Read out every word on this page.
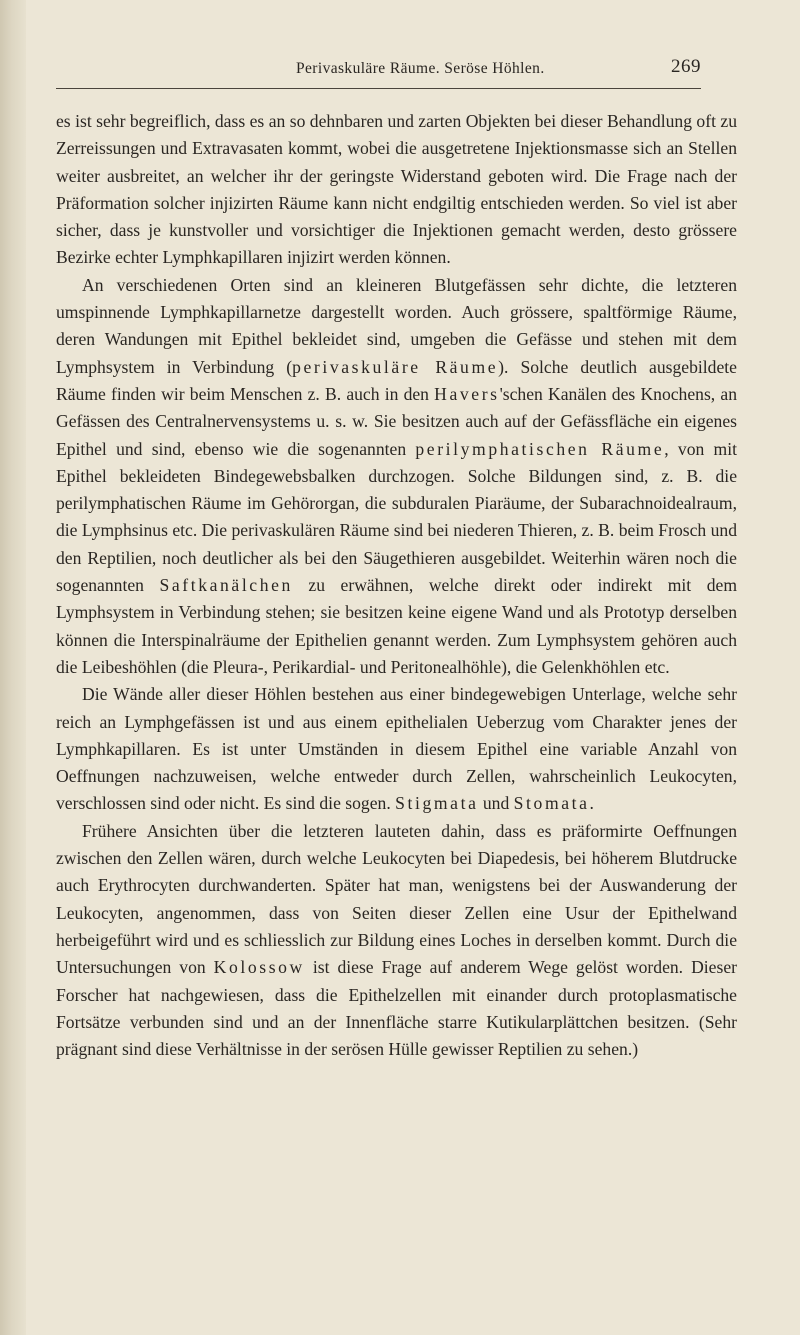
Perivaskuläre Räume. Seröse Höhlen.	269

es ist sehr begreiflich, dass es an so dehnbaren und zarten Objekten bei dieser Behandlung oft zu Zerreissungen und Extravasaten kommt, wobei die ausgetretene Injektionsmasse sich an Stellen weiter ausbreitet, an welcher ihr der geringste Widerstand geboten wird. Die Frage nach der Präformation solcher injizirten Räume kann nicht endgiltig entschieden werden. So viel ist aber sicher, dass je kunstvoller und vorsichtiger die Injektionen gemacht werden, desto grössere Bezirke echter Lymphkapillaren injizirt werden können.

An verschiedenen Orten sind an kleineren Blutgefässen sehr dichte, die letzteren umspinnende Lymphkapillarnetze dargestellt worden. Auch grössere, spaltförmige Räume, deren Wandungen mit Epithel bekleidet sind, umgeben die Gefässe und stehen mit dem Lymphsystem in Verbindung (perivaskuläre Räume). Solche deutlich ausgebildete Räume finden wir beim Menschen z. B. auch in den Havers'schen Kanälen des Knochens, an Gefässen des Centralnervensystems u. s. w. Sie besitzen auch auf der Gefässfläche ein eigenes Epithel und sind, ebenso wie die sogenannten perilymphatischen Räume, von mit Epithel bekleideten Bindegewebsbalken durchzogen. Solche Bildungen sind, z. B. die perilymphatischen Räume im Gehörorgan, die subduralen Piaräume, der Subarachnoidealraum, die Lymphsinus etc. Die perivaskulären Räume sind bei niederen Thieren, z. B. beim Frosch und den Reptilien, noch deutlicher als bei den Säugethieren ausgebildet. Weiterhin wären noch die sogenannten Saftkanälchen zu erwähnen, welche direkt oder indirekt mit dem Lymphsystem in Verbindung stehen; sie besitzen keine eigene Wand und als Prototyp derselben können die Interspinalräume der Epithelien genannt werden. Zum Lymphsystem gehören auch die Leibeshöhlen (die Pleura-, Perikardial- und Peritonealhöhle), die Gelenkhöhlen etc.

Die Wände aller dieser Höhlen bestehen aus einer bindegewebigen Unterlage, welche sehr reich an Lymphgefässen ist und aus einem epithelialen Ueberzug vom Charakter jenes der Lymphkapillaren. Es ist unter Umständen in diesem Epithel eine variable Anzahl von Oeffnungen nachzuweisen, welche entweder durch Zellen, wahrscheinlich Leukocyten, verschlossen sind oder nicht. Es sind die sogen. Stigmata und Stomata.

Frühere Ansichten über die letzteren lauteten dahin, dass es präformirte Oeffnungen zwischen den Zellen wären, durch welche Leukocyten bei Diapedesis, bei höherem Blutdrucke auch Erythrocyten durchwanderten. Später hat man, wenigstens bei der Auswanderung der Leukocyten, angenommen, dass von Seiten dieser Zellen eine Usur der Epithelwand herbeigeführt wird und es schliesslich zur Bildung eines Loches in derselben kommt. Durch die Untersuchungen von Kolossow ist diese Frage auf anderem Wege gelöst worden. Dieser Forscher hat nachgewiesen, dass die Epithelzellen mit einander durch protoplasmatische Fortsätze verbunden sind und an der Innenfläche starre Kutikularplättchen besitzen. (Sehr prägnant sind diese Verhältnisse in der serösen Hülle gewisser Reptilien zu sehen.)
